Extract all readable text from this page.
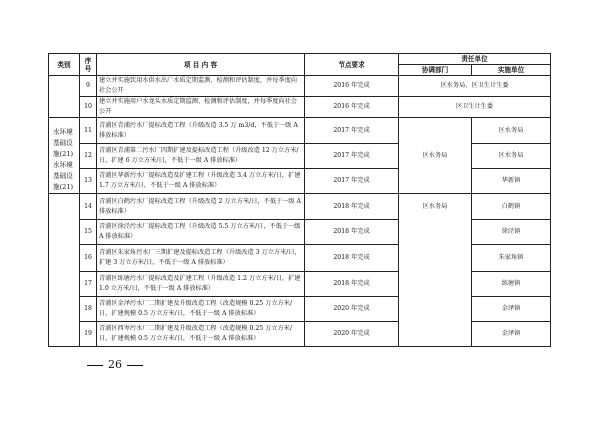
类别	序号	项 目 内 容	节点要求	责任单位	
				协调部门	实施单位
	9	建立并实施饮用水供水出厂水质定期监测、检测和评估制度，并每季度向社会公开	2016 年完成	区水务局、区卫生计生委	
	10	建立并实施用户水龙头水质定期监测、检测和评估制度，并每季度向社会公开	2016 年完成	区卫生计生委	

水环境基础设施(21)	11	青浦区青浦污水厂提标改造工程（升级改造 3.5 万 m3/d，不低于一级 A 排放标准）	2017 年完成	区水务局	区水务局
	12	青浦区青浦第二污水厂四期扩建及提标改造工程（升级改造 12 万立方米/日，扩建 6 万立方米/日，不低于一级 A 排放标准）	2017 年完成		区水务局
	13	青浦区华新污水厂提标改造及扩建工程（升级改造 3.4 万立方米/日，扩建 1.7 万立方米/日，不低于一级 A 排放标准）	2017 年完成		华新镇

水环境基础设施(21)	14	青浦区白鹤污水厂提标改造工程（升级改造 2 万立方米/日，不低于一级 A 排放标准）	2018 年完成	区水务局	白鹤镇
	15	青浦区徐泾污水厂提标改造工程（升级改造 5.5 万立方米/日，不低于一级 A 排放标准）	2018 年完成		徐泾镇
	16	青浦区朱家角污水厂三期扩建及提标改造工程（升级改造 3 万立方米/日，扩建 3 万立方米/日，不低于一级 A 排放标准）	2018 年完成		朱家角镇
	17	青浦区练塘污水厂提标改造及扩建工程（升级改造 1.2 万立方米/日，扩建 1.0 立方米/日，不低于一级 A 排放标准）	2018 年完成		练塘镇
	18	青浦区金泽污水厂二期扩建及升级改造工程（改造规模 0.25 万立方米/日，扩建规模 0.5 万立方米/日，不低于一级 A 排放标准）	2020 年完成		金泽镇
	19	青浦区西岑污水厂二期扩建及升级改造工程（改造规模 0.25 万立方米/日，扩建规模 0.5 万立方米/日，不低于一级 A 排放标准）	2020 年完成		金泽镇
26
